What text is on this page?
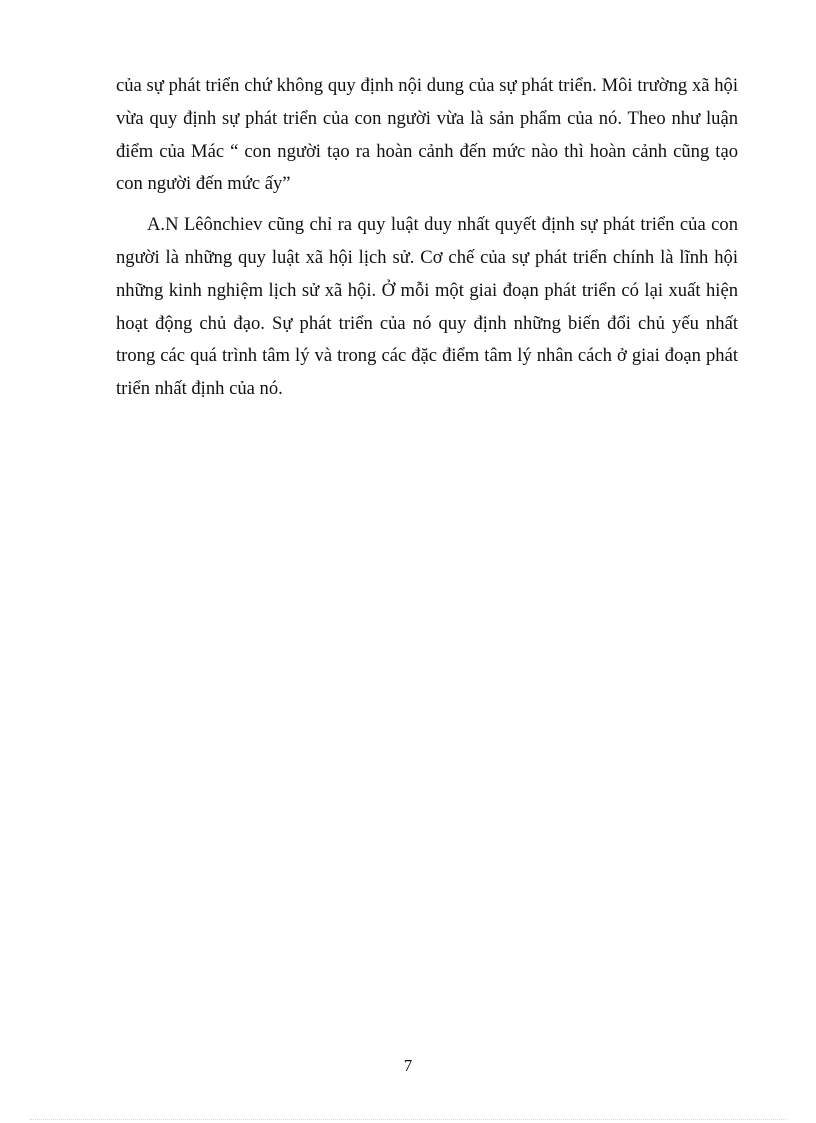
của sự phát triển chứ không quy định nội dung của sự phát triển. Môi trường xã hội vừa quy định sự phát triển của con người vừa là sản phẩm của nó. Theo như luận điểm của Mác “ con người tạo ra hoàn cảnh đến mức nào thì hoàn cảnh cũng tạo con người đến mức ấy”

A.N Lêônchiev cũng chỉ ra quy luật duy nhất quyết định sự phát triển của con người là những quy luật xã hội lịch sử. Cơ chế của sự phát triển chính là lĩnh hội những kinh nghiệm lịch sử xã hội. Ở mỗi một giai đoạn phát triển có lại xuất hiện hoạt động chủ đạo. Sự phát triển của nó quy định những biến đổi chủ yếu nhất trong các quá trình tâm lý và trong các đặc điểm tâm lý nhân cách ở giai đoạn phát triển nhất định của nó.

7
